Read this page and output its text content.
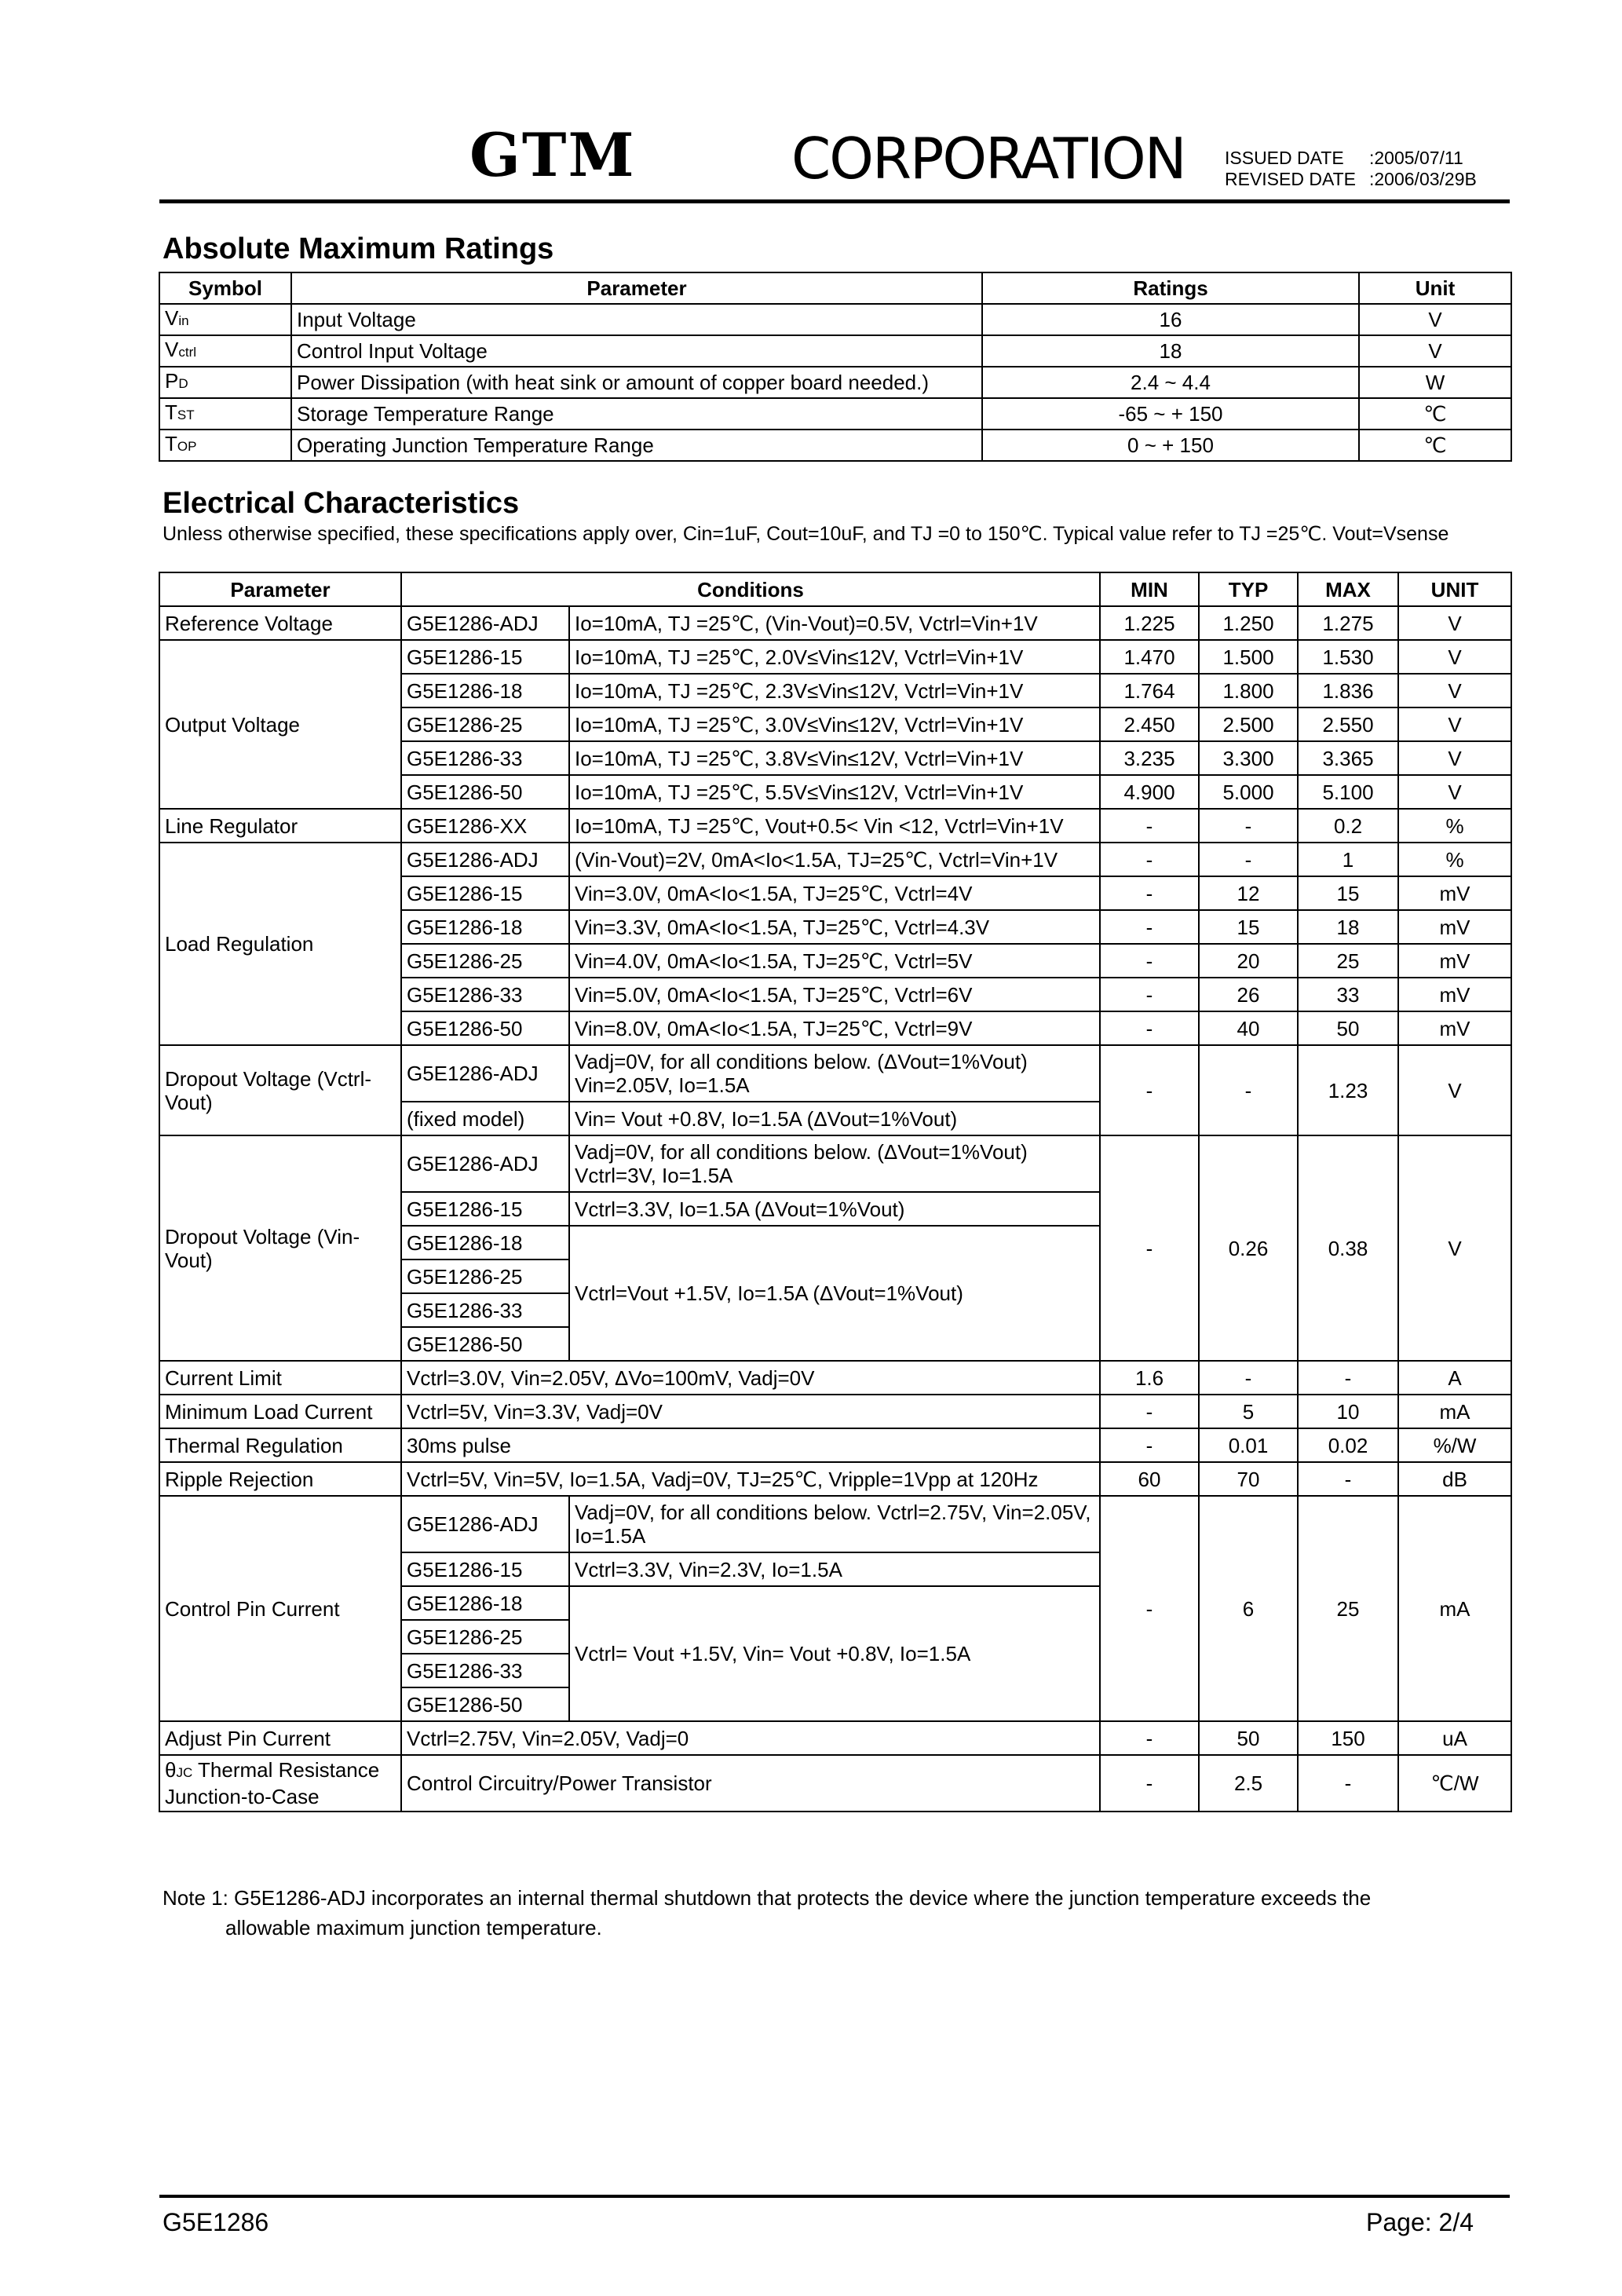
GTM	CORPORATION ISSUED DATE :2005/07/11
REVISED DATE :2006/03/29B
Absolute Maximum Ratings
Symbol	Parameter	Ratings	Unit
Vin	Input Voltage	16	V
Vctrl	Control Input Voltage	18	V
PD	Power Dissipation (with heat sink or amount of copper board needed.)	2.4 ~ 4.4	W
TST	Storage Temperature Range	-65 ~ + 150	℃
TOP	Operating Junction Temperature Range	0 ~ + 150	℃
Electrical Characteristics
Unless otherwise specified, these specifications apply over, Cin=1uF, Cout=10uF, and TJ =0 to 150℃. Typical value refer to TJ =25℃. Vout=Vsense
Parameter	Conditions		MIN	TYP	MAX	UNIT
Reference Voltage	G5E1286-ADJ	Io=10mA, TJ =25℃, (Vin-Vout)=0.5V, Vctrl=Vin+1V	1.225	1.250	1.275	V
Output Voltage	G5E1286-15	Io=10mA, TJ =25℃, 2.0V≤Vin≤12V, Vctrl=Vin+1V	1.470	1.500	1.530	V
	G5E1286-18	Io=10mA, TJ =25℃, 2.3V≤Vin≤12V, Vctrl=Vin+1V	1.764	1.800	1.836	V
	G5E1286-25	Io=10mA, TJ =25℃, 3.0V≤Vin≤12V, Vctrl=Vin+1V	2.450	2.500	2.550	V
	G5E1286-33	Io=10mA, TJ =25℃, 3.8V≤Vin≤12V, Vctrl=Vin+1V	3.235	3.300	3.365	V
	G5E1286-50	Io=10mA, TJ =25℃, 5.5V≤Vin≤12V, Vctrl=Vin+1V	4.900	5.000	5.100	V
Line Regulator	G5E1286-XX	Io=10mA, TJ =25℃, Vout+0.5< Vin <12, Vctrl=Vin+1V	-	-	0.2	%
Load Regulation	G5E1286-ADJ	(Vin-Vout)=2V, 0mA<Io<1.5A, TJ=25℃, Vctrl=Vin+1V	-	-	1	%
	G5E1286-15	Vin=3.0V, 0mA<Io<1.5A, TJ=25℃, Vctrl=4V	-	12	15	mV
	G5E1286-18	Vin=3.3V, 0mA<Io<1.5A, TJ=25℃, Vctrl=4.3V	-	15	18	mV
	G5E1286-25	Vin=4.0V, 0mA<Io<1.5A, TJ=25℃, Vctrl=5V	-	20	25	mV
	G5E1286-33	Vin=5.0V, 0mA<Io<1.5A, TJ=25℃, Vctrl=6V	-	26	33	mV
	G5E1286-50	Vin=8.0V, 0mA<Io<1.5A, TJ=25℃, Vctrl=9V	-	40	50	mV
Dropout Voltage (Vctrl-Vout)	G5E1286-ADJ	Vadj=0V, for all conditions below. (ΔVout=1%Vout) Vin=2.05V, Io=1.5A	-	-	1.23	V
	(fixed model)	Vin= Vout +0.8V, Io=1.5A (ΔVout=1%Vout)				
Dropout Voltage (Vin-Vout)	G5E1286-ADJ	Vadj=0V, for all conditions below. (ΔVout=1%Vout) Vctrl=3V, Io=1.5A	-	0.26	0.38	V
	G5E1286-15	Vctrl=3.3V, Io=1.5A (ΔVout=1%Vout)				
	G5E1286-18	Vctrl=Vout +1.5V, Io=1.5A (ΔVout=1%Vout)				
	G5E1286-25					
	G5E1286-33					
	G5E1286-50					
Current Limit	Vctrl=3.0V, Vin=2.05V, ΔVo=100mV, Vadj=0V		1.6	-	-	A
Minimum Load Current	Vctrl=5V, Vin=3.3V, Vadj=0V		-	5	10	mA
Thermal Regulation	30ms pulse		-	0.01	0.02	%/W
Ripple Rejection	Vctrl=5V, Vin=5V, Io=1.5A, Vadj=0V, TJ=25℃, Vripple=1Vpp at 120Hz		60	70	-	dB
Control Pin Current	G5E1286-ADJ	Vadj=0V, for all conditions below. Vctrl=2.75V, Vin=2.05V, Io=1.5A	-	6	25	mA
	G5E1286-15	Vctrl=3.3V, Vin=2.3V, Io=1.5A				
	G5E1286-18	Vctrl= Vout +1.5V, Vin= Vout +0.8V, Io=1.5A				
	G5E1286-25					
	G5E1286-33					
	G5E1286-50					
Adjust Pin Current	Vctrl=2.75V, Vin=2.05V, Vadj=0		-	50	150	uA
θJC Thermal Resistance Junction-to-Case	Control Circuitry/Power Transistor		-	2.5	-	℃/W
Note 1: G5E1286-ADJ incorporates an internal thermal shutdown that protects the device where the junction temperature exceeds the
allowable maximum junction temperature.
G5E1286	Page: 2/4
